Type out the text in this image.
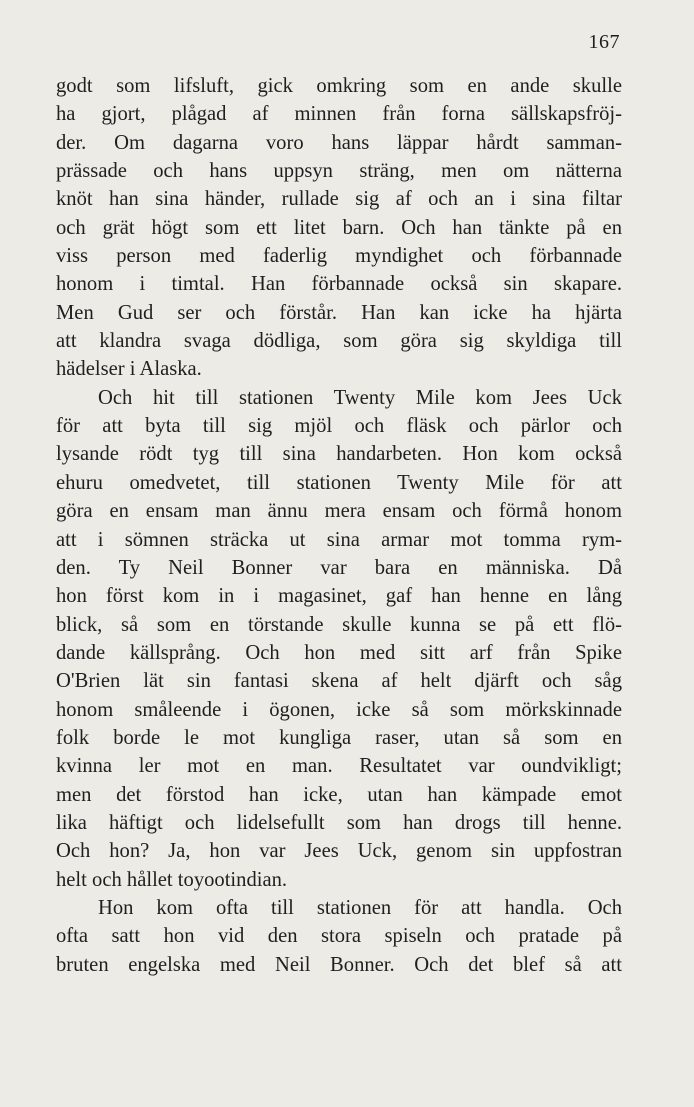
167
godt som lifsluft, gick omkring som en ande skulle
ha gjort, plågad af minnen från forna sällskapsfröj-
der. Om dagarna voro hans läppar hårdt samman-
prässade och hans uppsyn sträng, men om nätterna
knöt han sina händer, rullade sig af och an i sina filtar
och grät högt som ett litet barn. Och han tänkte på en
viss person med faderlig myndighet och förbannade
honom i timtal. Han förbannade också sin skapare.
Men Gud ser och förstår. Han kan icke ha hjärta
att klandra svaga dödliga, som göra sig skyldiga till
hädelser i Alaska.
Och hit till stationen Twenty Mile kom Jees Uck
för att byta till sig mjöl och fläsk och pärlor och
lysande rödt tyg till sina handarbeten. Hon kom också
ehuru omedvetet, till stationen Twenty Mile för att
göra en ensam man ännu mera ensam och förmå honom
att i sömnen sträcka ut sina armar mot tomma rym-
den. Ty Neil Bonner var bara en människa. Då
hon först kom in i magasinet, gaf han henne en lång
blick, så som en törstande skulle kunna se på ett flö-
dande källsprång. Och hon med sitt arf från Spike
O'Brien lät sin fantasi skena af helt djärft och såg
honom småleende i ögonen, icke så som mörkskinnade
folk borde le mot kungliga raser, utan så som en
kvinna ler mot en man. Resultatet var oundvikligt;
men det förstod han icke, utan han kämpade emot
lika häftigt och lidelsefullt som han drogs till henne.
Och hon? Ja, hon var Jees Uck, genom sin uppfostran
helt och hållet toyootindian.
Hon kom ofta till stationen för att handla. Och
ofta satt hon vid den stora spiseln och pratade på
bruten engelska med Neil Bonner. Och det blef så att
